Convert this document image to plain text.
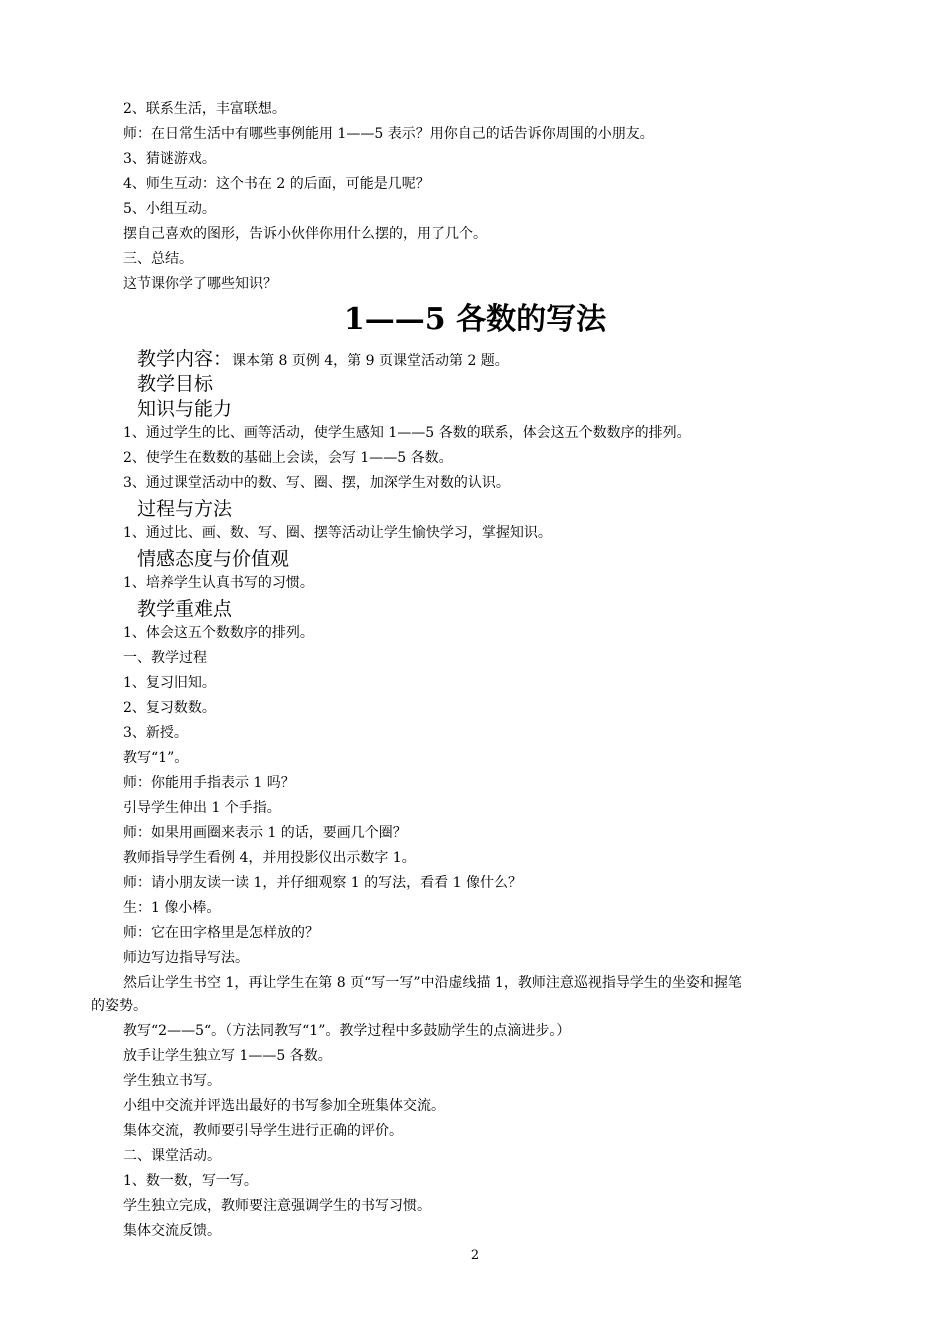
2、联系生活，丰富联想。
师：在日常生活中有哪些事例能用 1——5 表示？用你自己的话告诉你周围的小朋友。
3、猜谜游戏。
4、师生互动：这个书在 2 的后面，可能是几呢？
5、小组互动。
摆自己喜欢的图形，告诉小伙伴你用什么摆的，用了几个。
三、总结。
这节课你学了哪些知识？
1——5 各数的写法
教学内容：课本第 8 页例 4，第 9 页课堂活动第 2 题。
教学目标
知识与能力
1、通过学生的比、画等活动，使学生感知 1——5 各数的联系，体会这五个数数序的排列。
2、使学生在数数的基础上会读，会写 1——5 各数。
3、通过课堂活动中的数、写、圈、摆，加深学生对数的认识。
过程与方法
1、通过比、画、数、写、圈、摆等活动让学生愉快学习，掌握知识。
情感态度与价值观
1、培养学生认真书写的习惯。
教学重难点
1、体会这五个数数序的排列。
一、教学过程
1、复习旧知。
2、复习数数。
3、新授。
教写“1”。
师：你能用手指表示 1 吗？
引导学生伸出 1 个手指。
师：如果用画圈来表示 1 的话，要画几个圈？
教师指导学生看例 4，并用投影仪出示数字 1。
师：请小朋友读一读 1，并仔细观察 1 的写法，看看 1 像什么？
生：1 像小棒。
师：它在田字格里是怎样放的？
师边写边指导写法。
然后让学生书空 1，再让学生在第 8 页“写一写”中沿虚线描 1，教师注意巡视指导学生的坐姿和握笔
的姿势。
教写“2——5“。（方法同教写“1”。教学过程中多鼓励学生的点滴进步。）
放手让学生独立写 1——5 各数。
学生独立书写。
小组中交流并评选出最好的书写参加全班集体交流。
集体交流，教师要引导学生进行正确的评价。
二、课堂活动。
1、数一数，写一写。
学生独立完成，教师要注意强调学生的书写习惯。
集体交流反馈。
2
